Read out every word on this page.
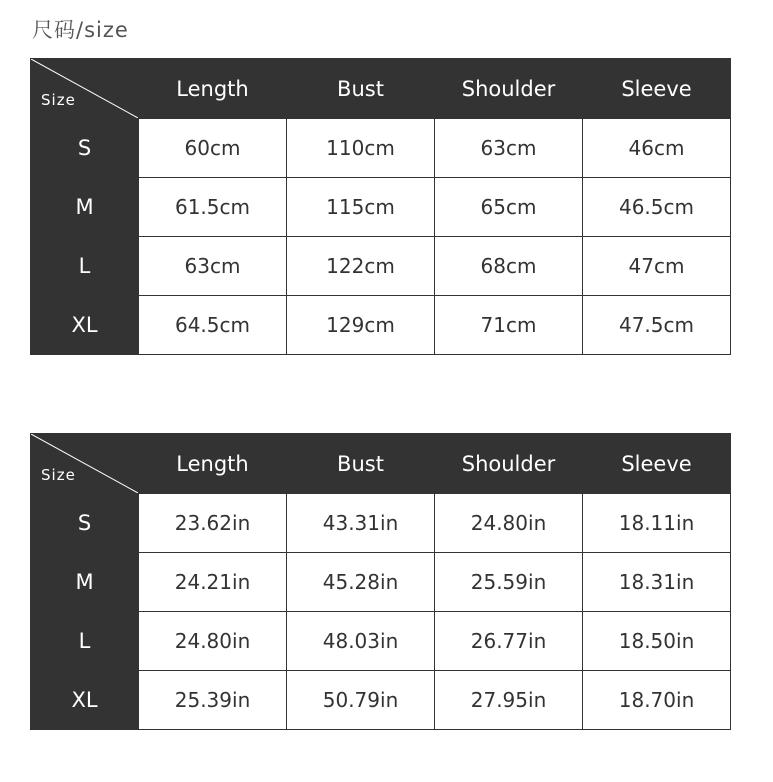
尺码/size
Size	Length	Bust	Shoulder	Sleeve
S	60cm	110cm	63cm	46cm
M	61.5cm	115cm	65cm	46.5cm
L	63cm	122cm	68cm	47cm
XL	64.5cm	129cm	71cm	47.5cm
Size	Length	Bust	Shoulder	Sleeve
S	23.62in	43.31in	24.80in	18.11in
M	24.21in	45.28in	25.59in	18.31in
L	24.80in	48.03in	26.77in	18.50in
XL	25.39in	50.79in	27.95in	18.70in
